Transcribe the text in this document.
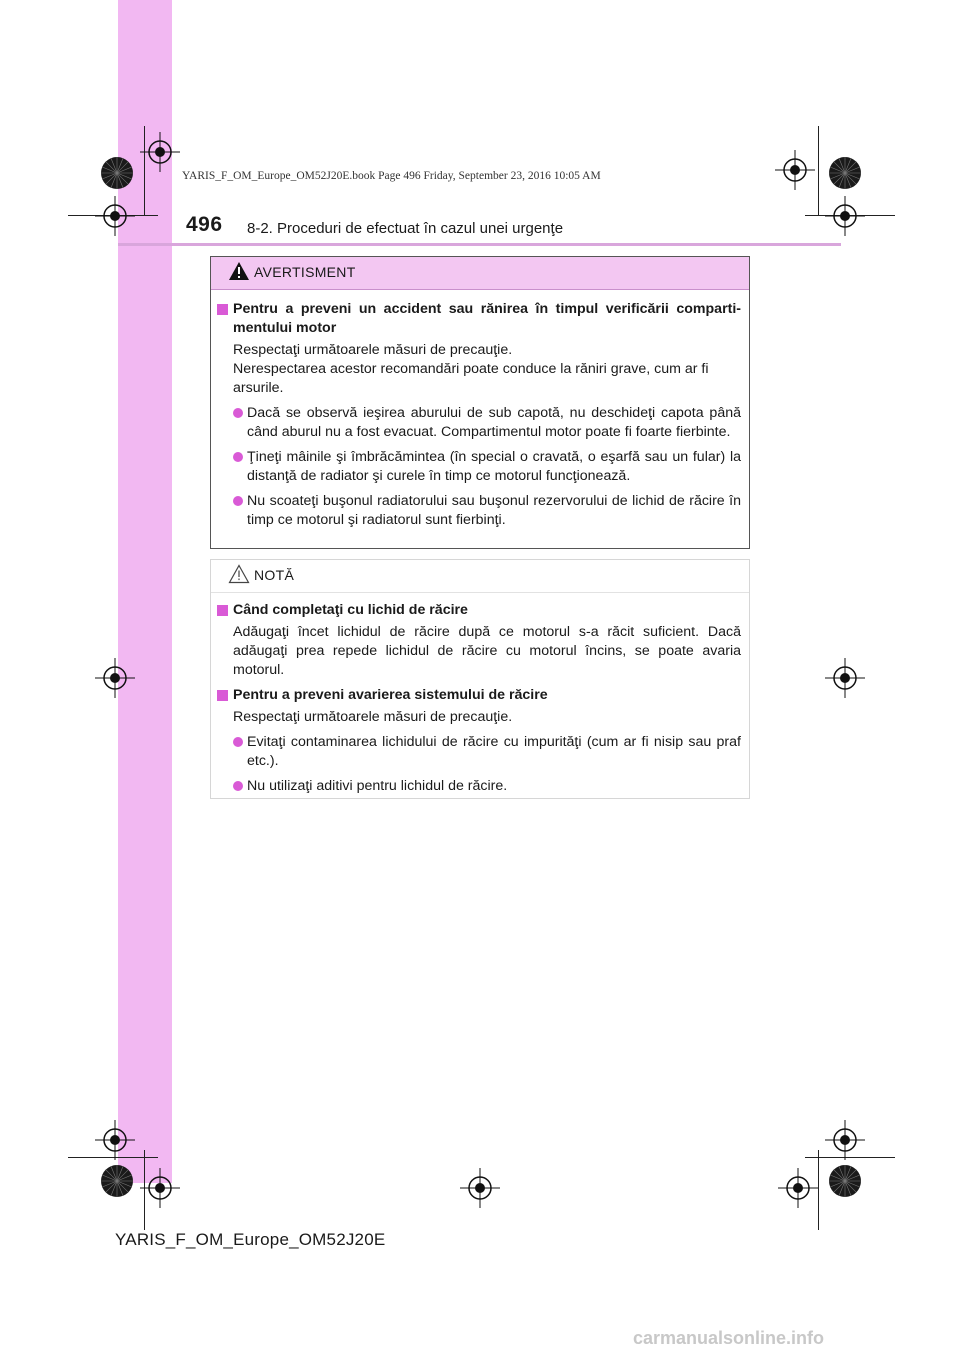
YARIS_F_OM_Europe_OM52J20E.book Page 496 Friday, September 23, 2016 10:05 AM
496 8-2. Proceduri de efectuat în cazul unei urgenţe
AVERTISMENT
Pentru a preveni un accident sau rănirea în timpul verificării comparti-mentului motor
Respectaţi următoarele măsuri de precauţie.
Nerespectarea acestor recomandări poate conduce la răniri grave, cum ar fi arsurile.
Dacă se observă ieşirea aburului de sub capotă, nu deschideţi capota până când aburul nu a fost evacuat. Compartimentul motor poate fi foarte fierbinte.
Ţineţi mâinile şi îmbrăcămintea (în special o cravată, o eşarfă sau un fular) la distanţă de radiator şi curele în timp ce motorul funcţionează.
Nu scoateţi buşonul radiatorului sau buşonul rezervorului de lichid de răcire în timp ce motorul şi radiatorul sunt fierbinţi.
NOTĂ
Când completaţi cu lichid de răcire
Adăugaţi încet lichidul de răcire după ce motorul s-a răcit suficient. Dacă adăugaţi prea repede lichidul de răcire cu motorul încins, se poate avaria motorul.
Pentru a preveni avarierea sistemului de răcire
Respectaţi următoarele măsuri de precauţie.
Evitaţi contaminarea lichidului de răcire cu impurităţi (cum ar fi nisip sau praf etc.).
Nu utilizaţi aditivi pentru lichidul de răcire.
YARIS_F_OM_Europe_OM52J20E
carmanualsonline.info
